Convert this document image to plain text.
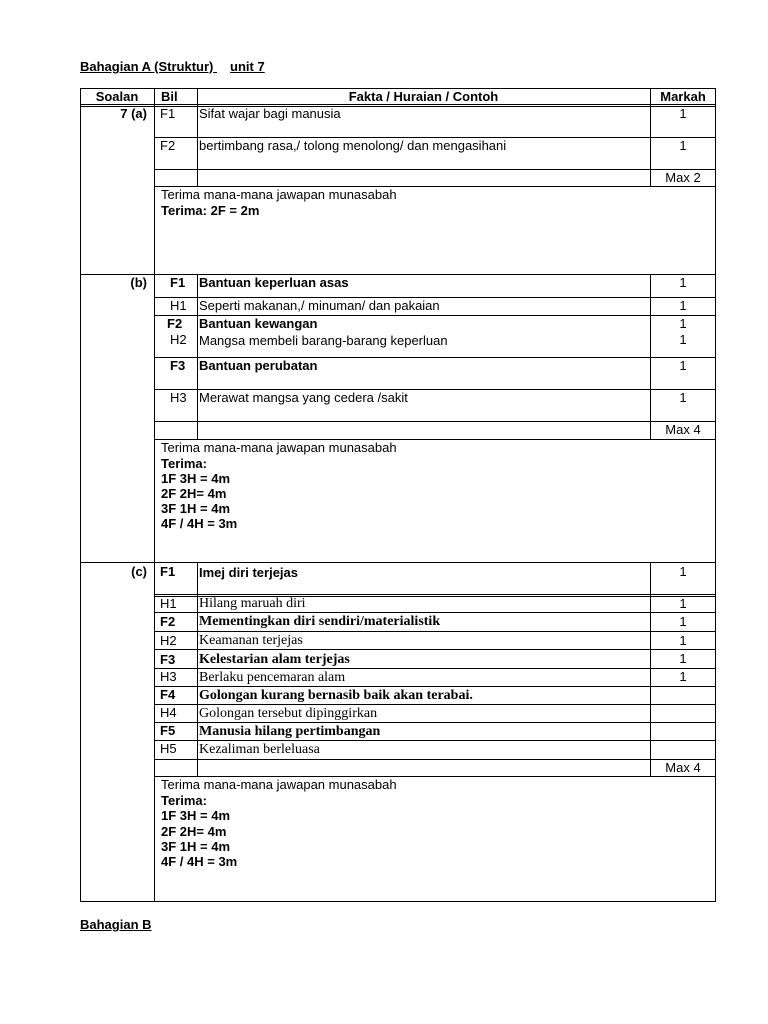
Bahagian A (Struktur) unit 7
Soalan	Bil	Fakta / Huraian / Contoh	Markah
7 (a) F1 Sifat wajar bagi manusia	1
F2 bertimbang rasa,/ tolong menolong/ dan mengasihani	1
Max 2
Terima mana-mana jawapan munasabah
Terima: 2F = 2m
(b) F1 Bantuan keperluan asas	1
H1 Seperti makanan,/ minuman/ dan pakaian	1
F2 Bantuan kewangan	1
H2 Mangsa membeli barang-barang keperluan	1
F3 Bantuan perubatan	1
H3 Merawat mangsa yang cedera /sakit	1
Max 4
Terima mana-mana jawapan munasabah
Terima:
1F 3H = 4m
2F 2H= 4m
3F 1H = 4m
4F / 4H = 3m
(c) F1 Imej diri terjejas	1
H1 Hilang maruah diri	1
F2 Mementingkan diri sendiri/materialistik	1
H2 Keamanan terjejas	1
F3 Kelestarian alam terjejas	1
H3 Berlaku pencemaran alam	1
F4 Golongan kurang bernasib baik akan terabai.
H4 Golongan tersebut dipinggirkan
F5 Manusia hilang pertimbangan
H5 Kezaliman berleluasa
Max 4
Terima mana-mana jawapan munasabah
Terima:
1F 3H = 4m
2F 2H= 4m
3F 1H = 4m
4F / 4H = 3m
Bahagian B
